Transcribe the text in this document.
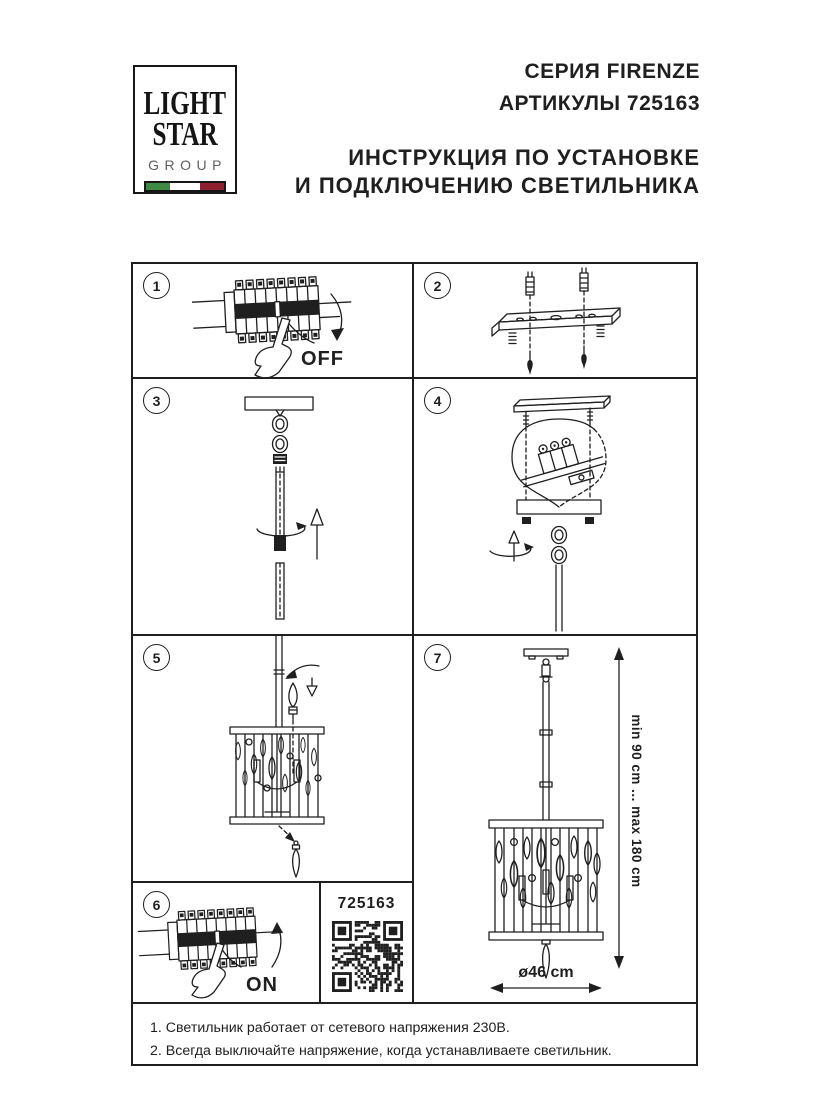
LIGHT
STAR
GROUP
СЕРИЯ FIRENZE
АРТИКУЛЫ 725163
ИНСТРУКЦИЯ ПО УСТАНОВКЕ
И ПОДКЛЮЧЕНИЮ СВЕТИЛЬНИКА
1
OFF
2
3	4
5	7
min 90 cm ... max 180 cm
ø46 cm
6
ON
725163
1. Светильник работает от сетевого напряжения 230В.
2. Всегда выключайте напряжение, когда устанавливаете светильник.
